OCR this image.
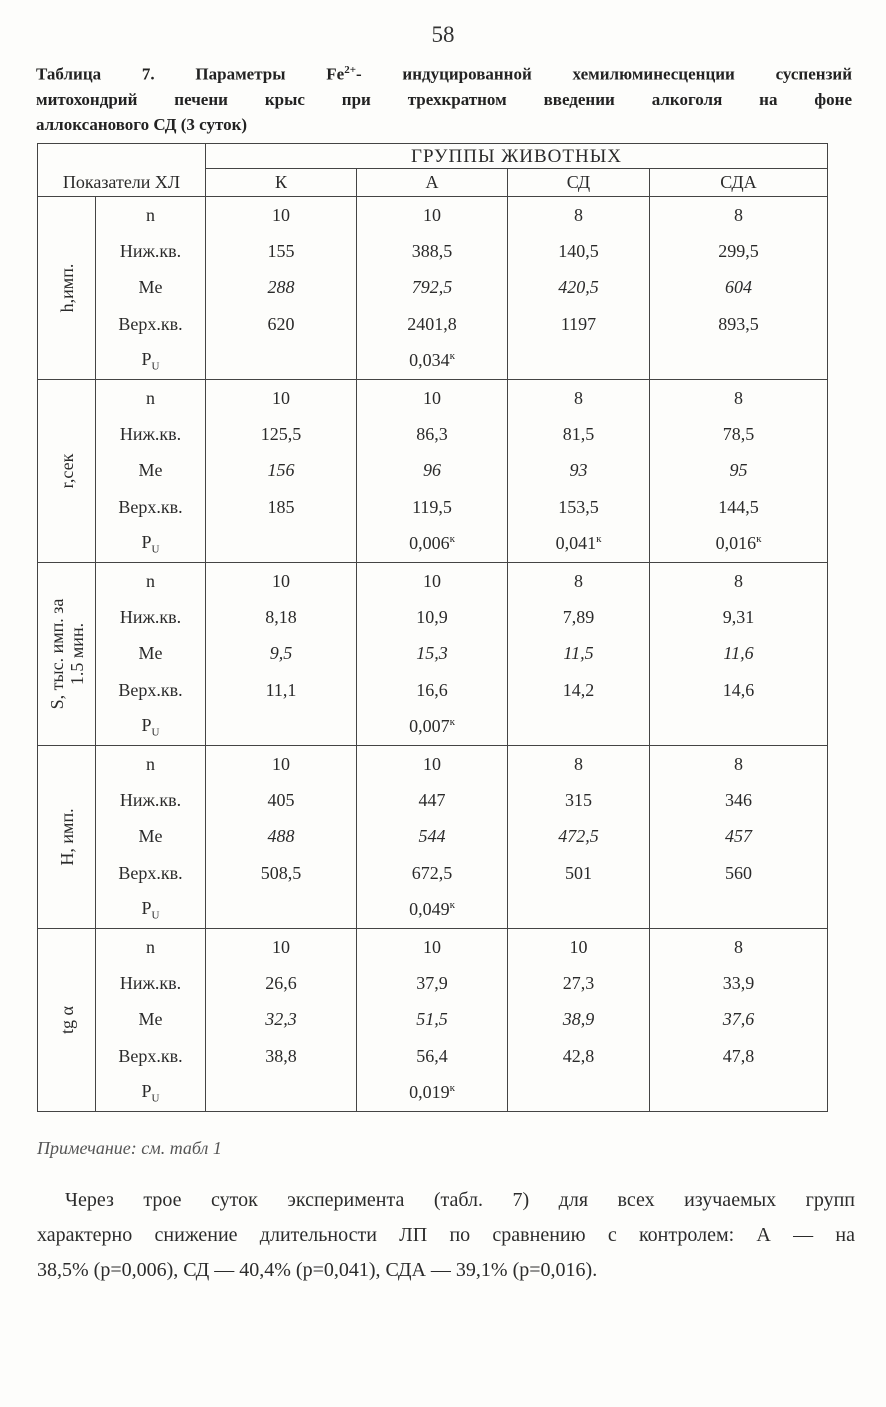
58
Таблица 7. Параметры $Fe^{2+}-$ индуцированной хемилюминесценции суспензий
митохондрий печени крыс при трехкратном введении алкоголя на фоне
аллоксанового СД (3 суток)
		ГРУППЫ ЖИВОТНЫХ			
Показатели ХЛ		К	А	СД	СДА

h,имп.	n	10	10	8	8
	Ниж.кв.	155	388,5	140,5	299,5
	Me	288	792,5	420,5	604
	Верх.кв.	620	2401,8	1197	893,5
	$P_U$		$0,034^к$		

r,сек	n	10	10	8	8
	Ниж.кв.	125,5	86,3	81,5	78,5
	Me	156	96	93	95
	Верх.кв.	185	119,5	153,5	144,5
	$P_U$		$0,006^к$	$0,041^к$	$0,016^к$

S, тыс. имп. за 1.5 мин.	n	10	10	8	8
	Ниж.кв.	8,18	10,9	7,89	9,31
	Me	9,5	15,3	11,5	11,6
	Верх.кв.	11,1	16,6	14,2	14,6
	$P_U$		$0,007^к$		

H, имп.	n	10	10	8	8
	Ниж.кв.	405	447	315	346
	Me	488	544	472,5	457
	Верх.кв.	508,5	672,5	501	560
	$P_U$		$0,049^к$		

tg α	n	10	10	10	8
	Ниж.кв.	26,6	37,9	27,3	33,9
	Me	32,3	51,5	38,9	37,6
	Верх.кв.	38,8	56,4	42,8	47,8
	$P_U$		$0,019^к$		
Примечание: см. табл 1
Через трое суток эксперимента (табл. 7) для всех изучаемых групп
характерно снижение длительности ЛП по сравнению с контролем: А — на
38,5% (р=0,006), СД — 40,4% (р=0,041), СДА — 39,1% (р=0,016).
